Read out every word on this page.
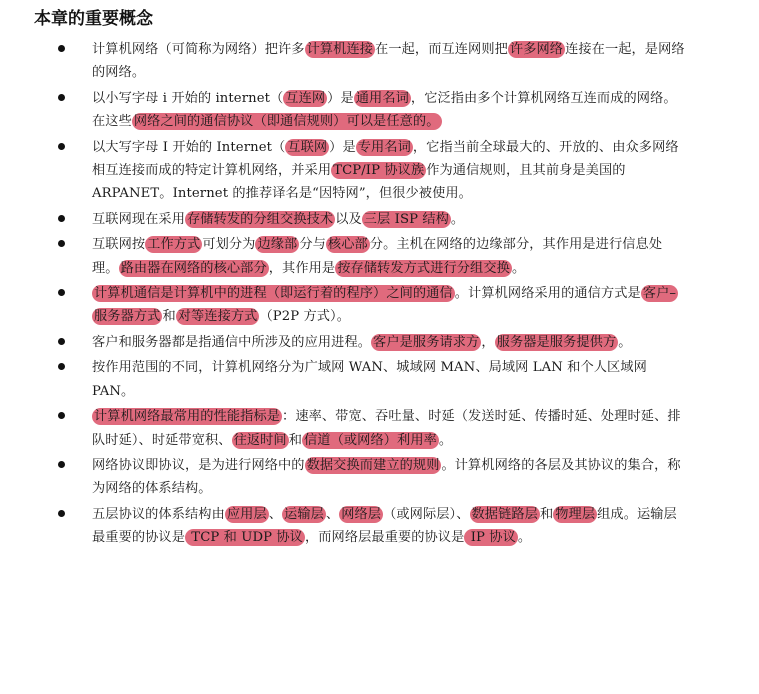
本章的重要概念
计算机网络（可简称为网络）把许多 计算机连接 在一起，而互连网则把 许多网络 连接在一起，是网络的网络。
以小写字母 i 开始的 internet（ 互连网 ）是 通用名词 ，它泛指由多个计算机网络互连而成的网络。在这些 网络之间的通信协议（即通信规则）可以是任意的。
以大写字母 I 开始的 Internet（ 互联网 ）是 专用名词 ，它指当前全球最大的、开放的、由众多网络相互连接而成的特定计算机网络，并采用 TCP/IP 协议族 作为通信规则，且其前身是美国的 ARPANET。Internet 的推荐译名是“因特网”，但很少被使用。
互联网现在采用 存储转发的分组交换技术 以及 三层 ISP 结构 。
互联网按 工作方式 可划分为 边缘部 分与 核心部 分。主机在网络的边缘部分，其作用是进行信息处理。 路由器在网络的核心部分 ，其作用是 按存储转发方式进行分组交换 。
计算机通信是计算机中的进程（即运行着的程序）之间的通信 。计算机网络采用的通信方式是 客户–服务器方式 和 对等连接方式 （P2P 方式）。
客户和服务器都是指通信中所涉及的应用进程。 客户是服务请求方 ， 服务器是服务提供方 。
按作用范围的不同，计算机网络分为广域网 WAN、城域网 MAN、局域网 LAN 和个人区域网 PAN。
计算机网络最常用的性能指标是 ：速率、带宽、吞吐量、时延（发送时延、传播时延、处理时延、排队时延）、时延带宽积、 往返时间 和 信道（或网络）利用率 。
网络协议即协议，是为进行网络中的 数据交换而建立的规则 。计算机网络的各层及其协议的集合，称为网络的体系结构。
五层协议的体系结构由 应用层 、 运输层 、 网络层 （或网际层）、 数据链路层 和 物理层 组成。运输层最重要的协议是 TCP 和 UDP 协议 ，而网络层最重要的协议是 IP 协议 。
